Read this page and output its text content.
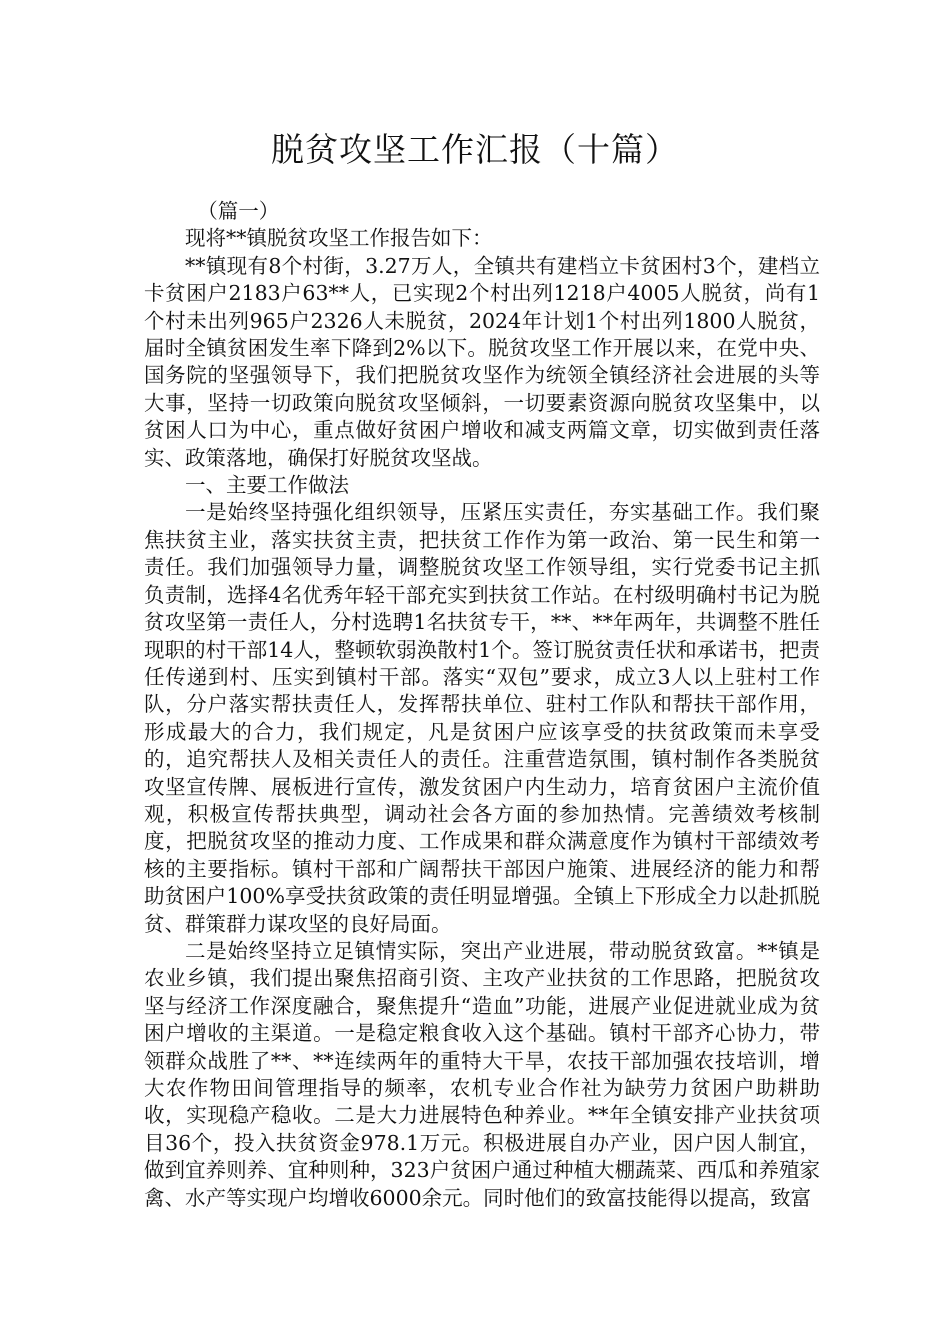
脱贫攻坚工作汇报（十篇）

（篇一）

现将**镇脱贫攻坚工作报告如下：

**镇现有8个村街，3.27万人，全镇共有建档立卡贫困村3个，建档立卡贫困户2183户63**人，已实现2个村出列1218户4005人脱贫，尚有1个村未出列965户2326人未脱贫，2024年计划1个村出列1800人脱贫，届时全镇贫困发生率下降到2%以下。脱贫攻坚工作开展以来，在党中央、国务院的坚强领导下，我们把脱贫攻坚作为统领全镇经济社会进展的头等大事，坚持一切政策向脱贫攻坚倾斜，一切要素资源向脱贫攻坚集中，以贫困人口为中心，重点做好贫困户增收和减支两篇文章，切实做到责任落实、政策落地，确保打好脱贫攻坚战。

一、主要工作做法

一是始终坚持强化组织领导，压紧压实责任，夯实基础工作。我们聚焦扶贫主业，落实扶贫主责，把扶贫工作作为第一政治、第一民生和第一责任。我们加强领导力量，调整脱贫攻坚工作领导组，实行党委书记主抓负责制，选择4名优秀年轻干部充实到扶贫工作站。在村级明确村书记为脱贫攻坚第一责任人，分村选聘1名扶贫专干，**、**年两年，共调整不胜任现职的村干部14人，整顿软弱涣散村1个。签订脱贫责任状和承诺书，把责任传递到村、压实到镇村干部。落实“双包”要求，成立3人以上驻村工作队，分户落实帮扶责任人，发挥帮扶单位、驻村工作队和帮扶干部作用，形成最大的合力，我们规定，凡是贫困户应该享受的扶贫政策而未享受的，追究帮扶人及相关责任人的责任。注重营造氛围，镇村制作各类脱贫攻坚宣传牌、展板进行宣传，激发贫困户内生动力，培育贫困户主流价值观，积极宣传帮扶典型，调动社会各方面的参加热情。完善绩效考核制度，把脱贫攻坚的推动力度、工作成果和群众满意度作为镇村干部绩效考核的主要指标。镇村干部和广阔帮扶干部因户施策、进展经济的能力和帮助贫困户100%享受扶贫政策的责任明显增强。全镇上下形成全力以赴抓脱贫、群策群力谋攻坚的良好局面。

二是始终坚持立足镇情实际，突出产业进展，带动脱贫致富。**镇是农业乡镇，我们提出聚焦招商引资、主攻产业扶贫的工作思路，把脱贫攻坚与经济工作深度融合，聚焦提升“造血”功能，进展产业促进就业成为贫困户增收的主渠道。一是稳定粮食收入这个基础。镇村干部齐心协力，带领群众战胜了**、**连续两年的重特大干旱，农技干部加强农技培训，增大农作物田间管理指导的频率，农机专业合作社为缺劳力贫困户助耕助收，实现稳产稳收。二是大力进展特色种养业。**年全镇安排产业扶贫项目36个，投入扶贫资金978.1万元。积极进展自办产业，因户因人制宜，做到宜养则养、宜种则种，323户贫困户通过种植大棚蔬菜、西瓜和养殖家禽、水产等实现户均增收6000余元。同时他们的致富技能得以提高，致富
